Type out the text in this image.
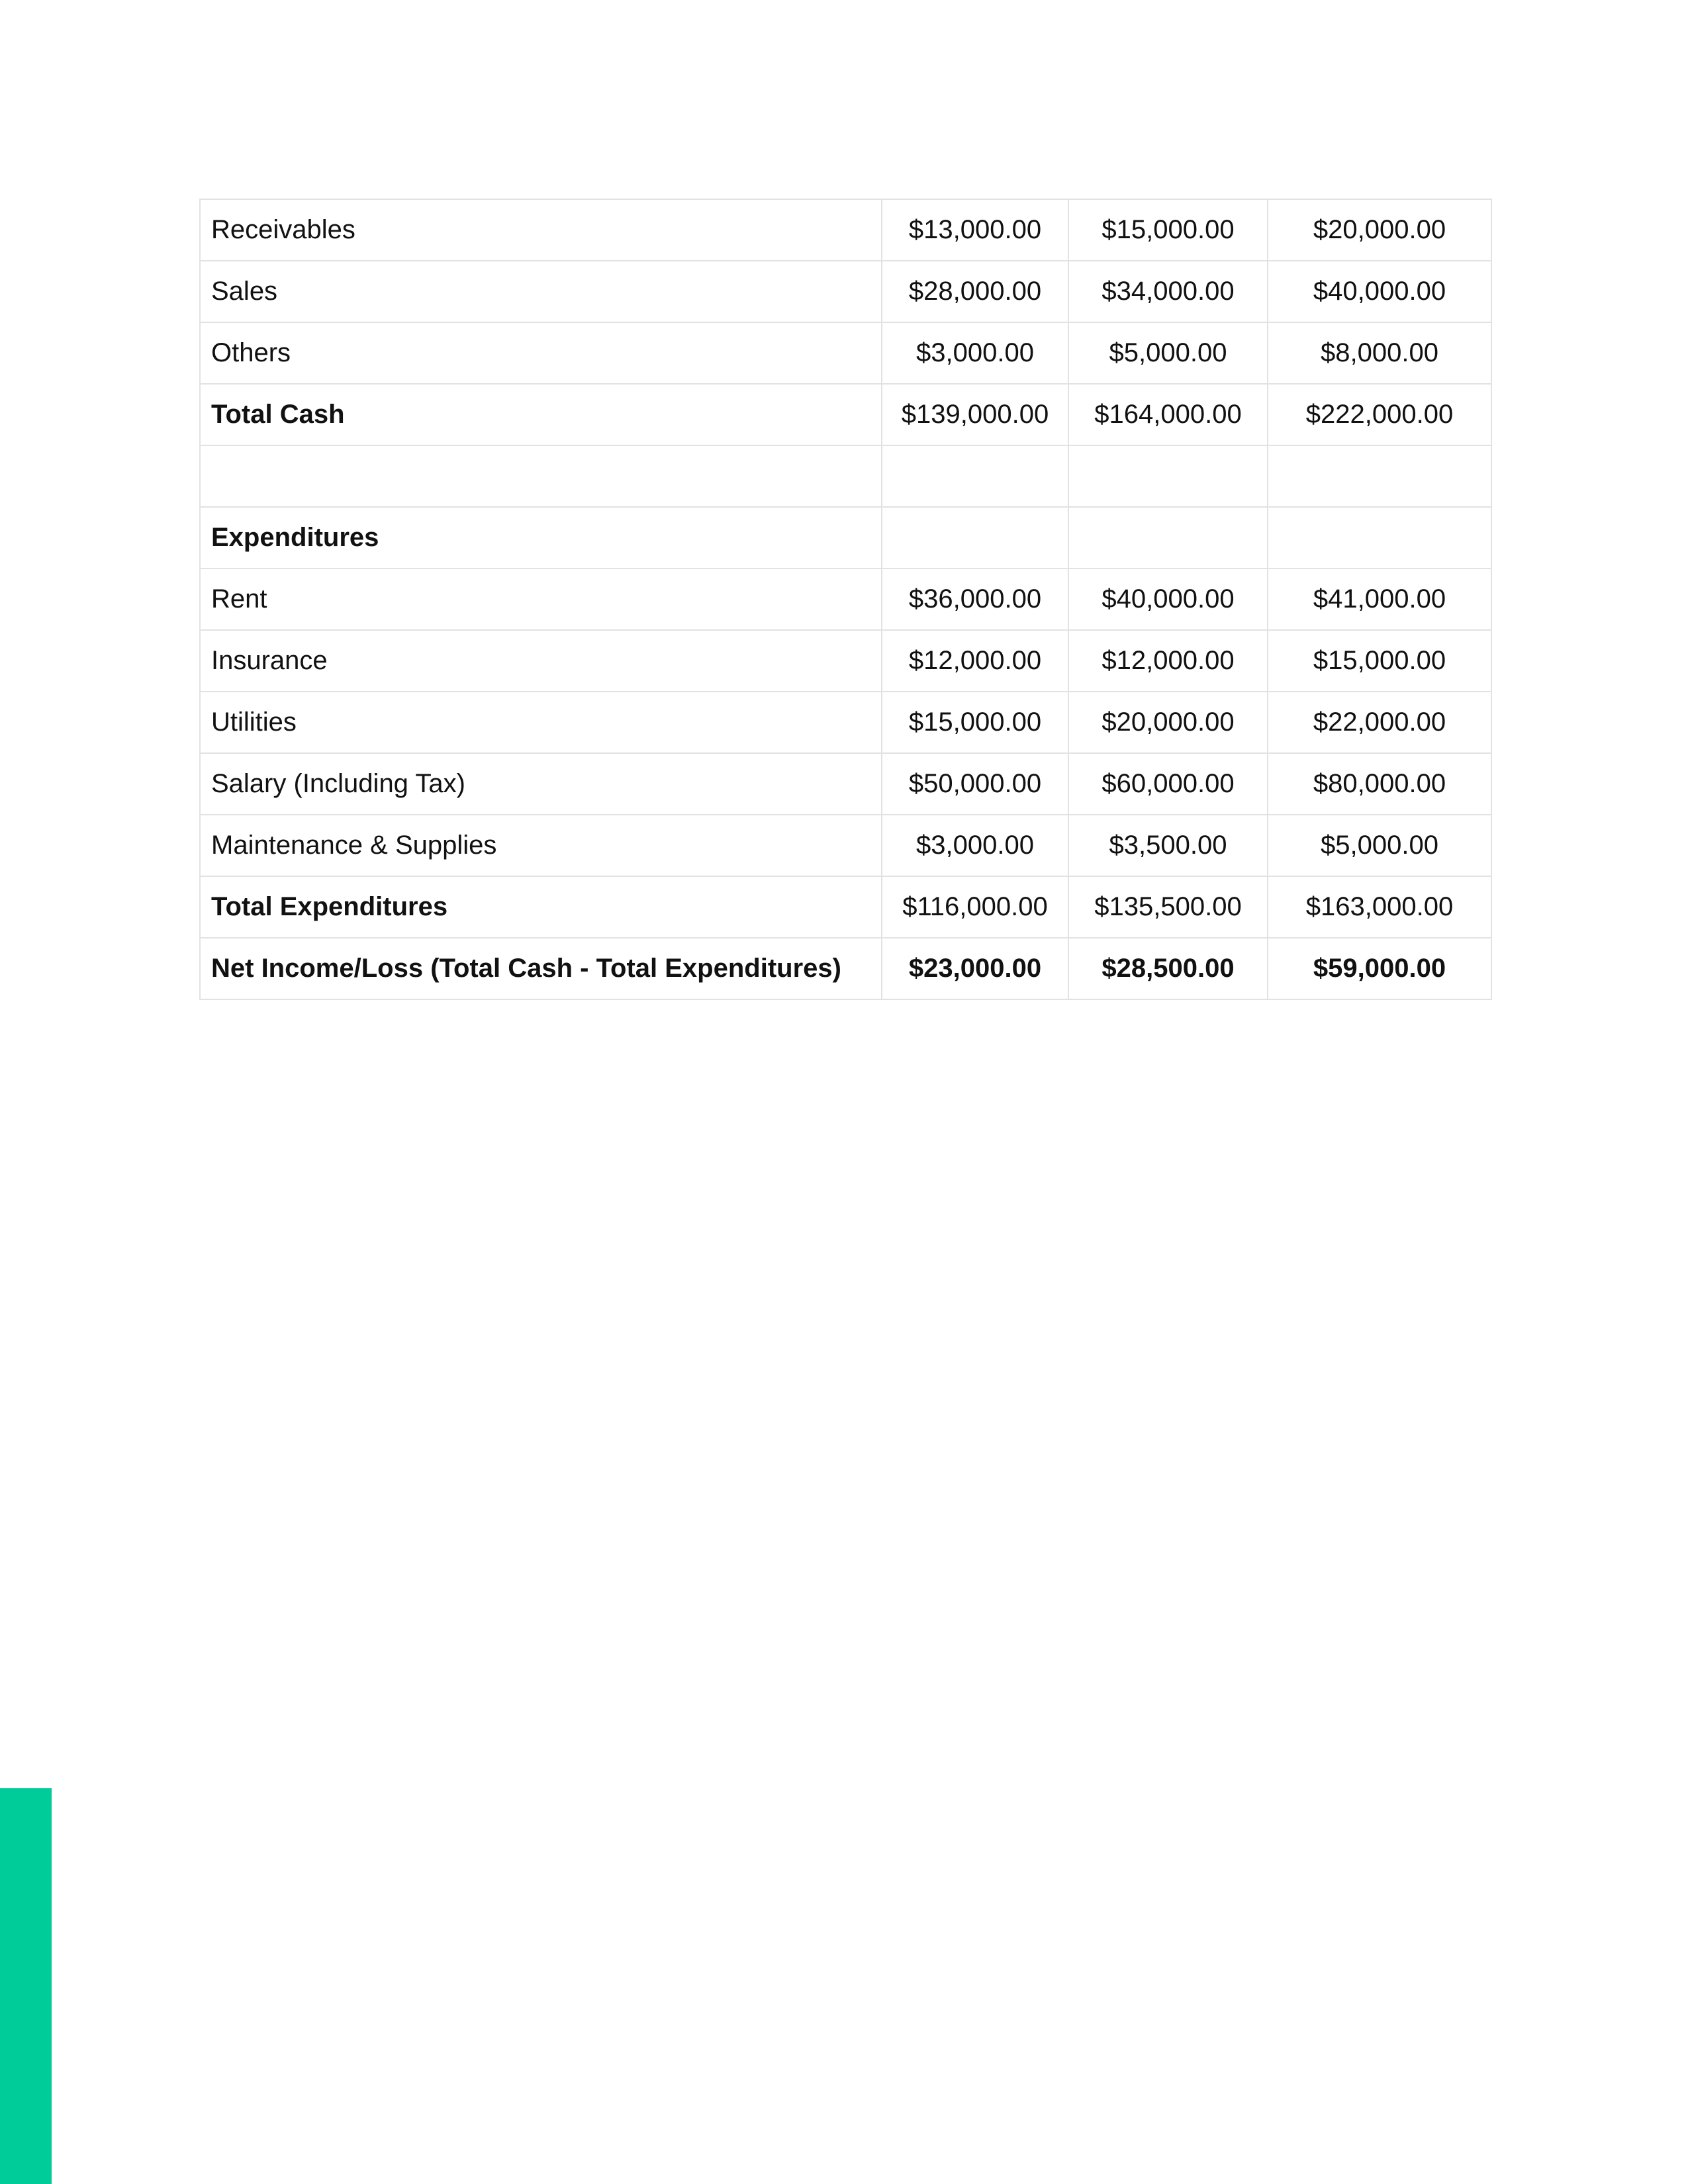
Receivables	$13,000.00	$15,000.00	$20,000.00
Sales	$28,000.00	$34,000.00	$40,000.00
Others	$3,000.00	$5,000.00	$8,000.00
Total Cash	$139,000.00	$164,000.00	$222,000.00

Expenditures			
Rent	$36,000.00	$40,000.00	$41,000.00
Insurance	$12,000.00	$12,000.00	$15,000.00
Utilities	$15,000.00	$20,000.00	$22,000.00
Salary (Including Tax)	$50,000.00	$60,000.00	$80,000.00
Maintenance & Supplies	$3,000.00	$3,500.00	$5,000.00
Total Expenditures	$116,000.00	$135,500.00	$163,000.00
Net Income/Loss (Total Cash - Total Expenditures)	$23,000.00	$28,500.00	$59,000.00
